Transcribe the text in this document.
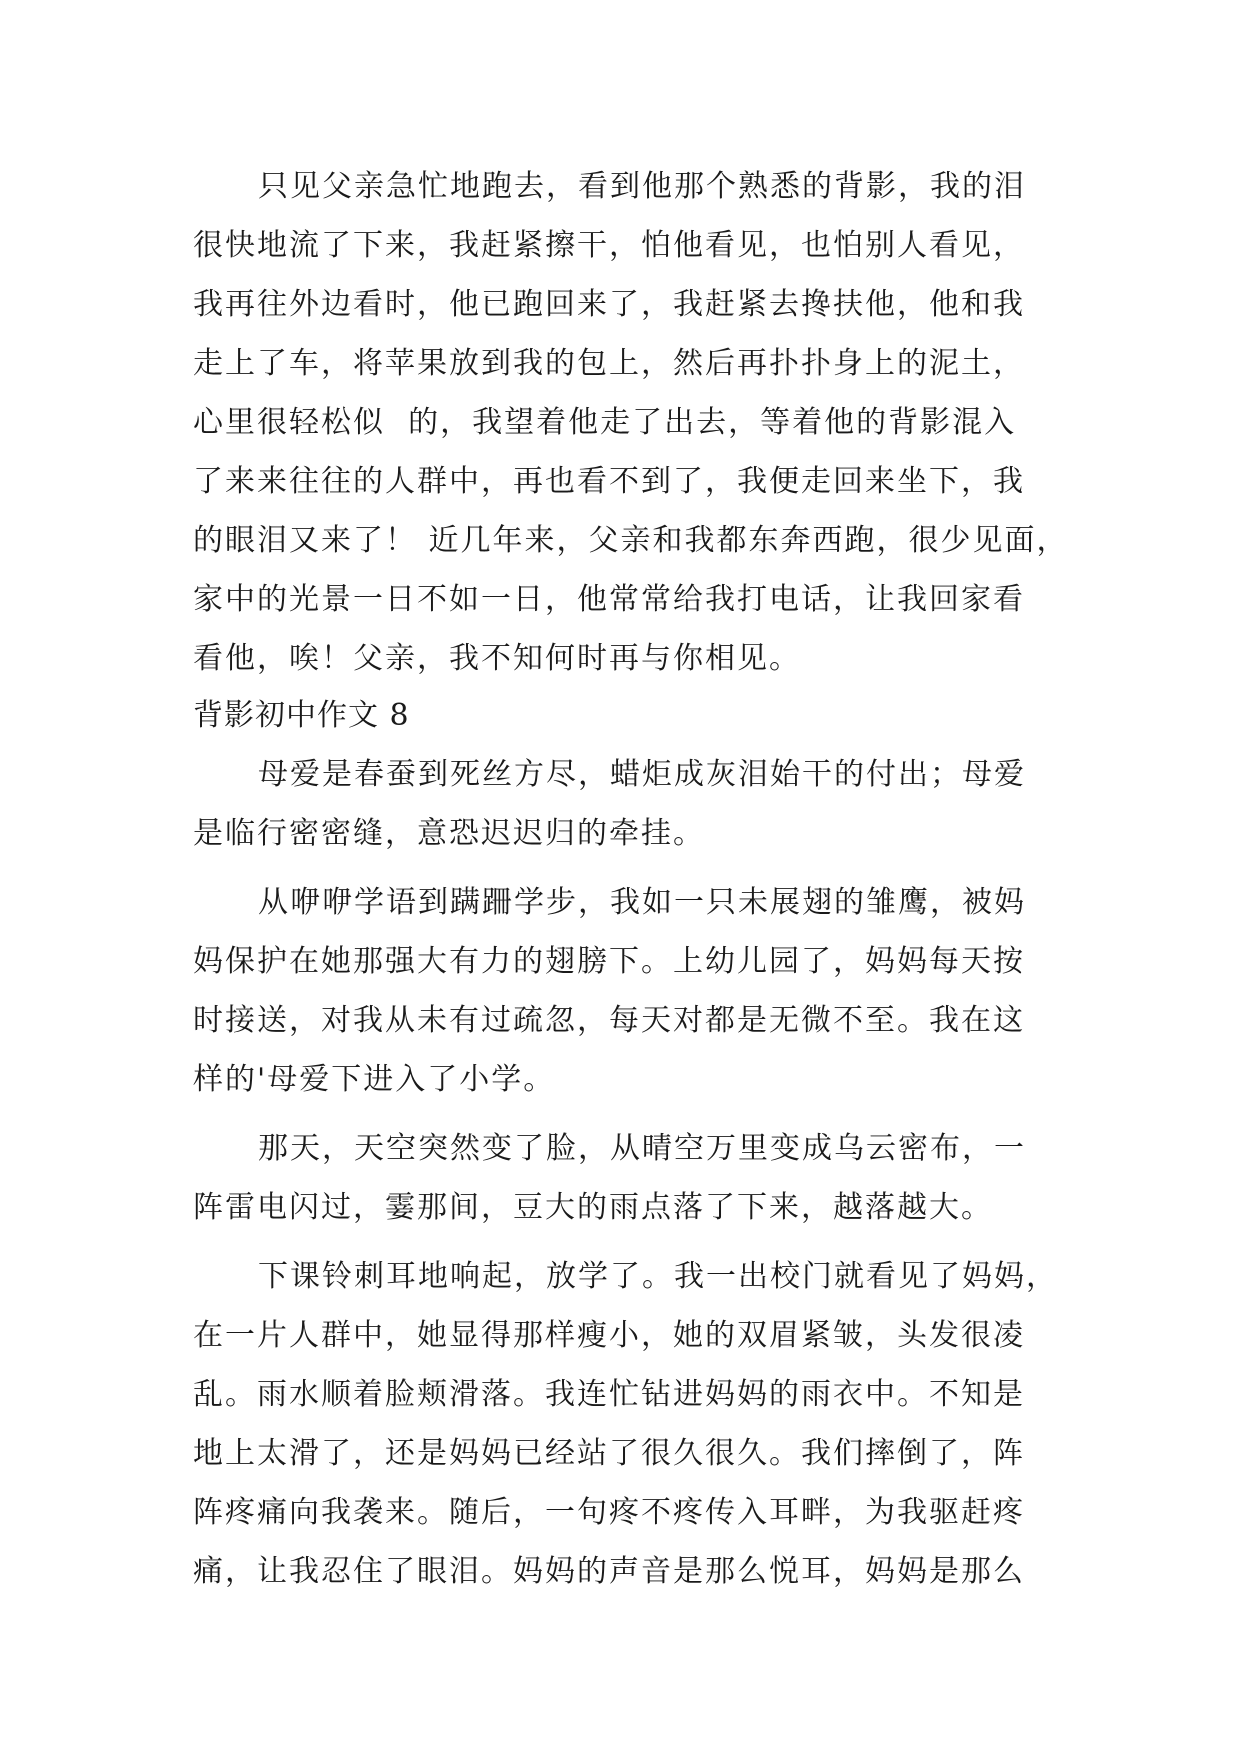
只见父亲急忙地跑去，看到他那个熟悉的背影，我的泪
很快地流了下来，我赶紧擦干，怕他看见，也怕别人看见，
我再往外边看时，他已跑回来了，我赶紧去搀扶他，他和我
走上了车，将苹果放到我的包上，然后再扑扑身上的泥土，
心里很轻松似  的，我望着他走了出去，等着他的背影混入
了来来往往的人群中，再也看不到了，我便走回来坐下，我
的眼泪又来了！ 近几年来，父亲和我都东奔西跑，很少见面，
家中的光景一日不如一日，他常常给我打电话，让我回家看
看他，唉！父亲，我不知何时再与你相见。
背影初中作文 8
母爱是春蚕到死丝方尽，蜡炬成灰泪始干的付出；母爱
是临行密密缝，意恐迟迟归的牵挂。
从咿咿学语到蹒跚学步，我如一只未展翅的雏鹰，被妈
妈保护在她那强大有力的翅膀下。上幼儿园了，妈妈每天按
时接送，对我从未有过疏忽，每天对都是无微不至。我在这
样的'母爱下进入了小学。
那天，天空突然变了脸，从晴空万里变成乌云密布，一
阵雷电闪过，霎那间，豆大的雨点落了下来，越落越大。
下课铃刺耳地响起，放学了。我一出校门就看见了妈妈，
在一片人群中，她显得那样瘦小，她的双眉紧皱，头发很凌
乱。雨水顺着脸颊滑落。我连忙钻进妈妈的雨衣中。不知是
地上太滑了，还是妈妈已经站了很久很久。我们摔倒了，阵
阵疼痛向我袭来。随后，一句疼不疼传入耳畔，为我驱赶疼
痛，让我忍住了眼泪。妈妈的声音是那么悦耳，妈妈是那么
